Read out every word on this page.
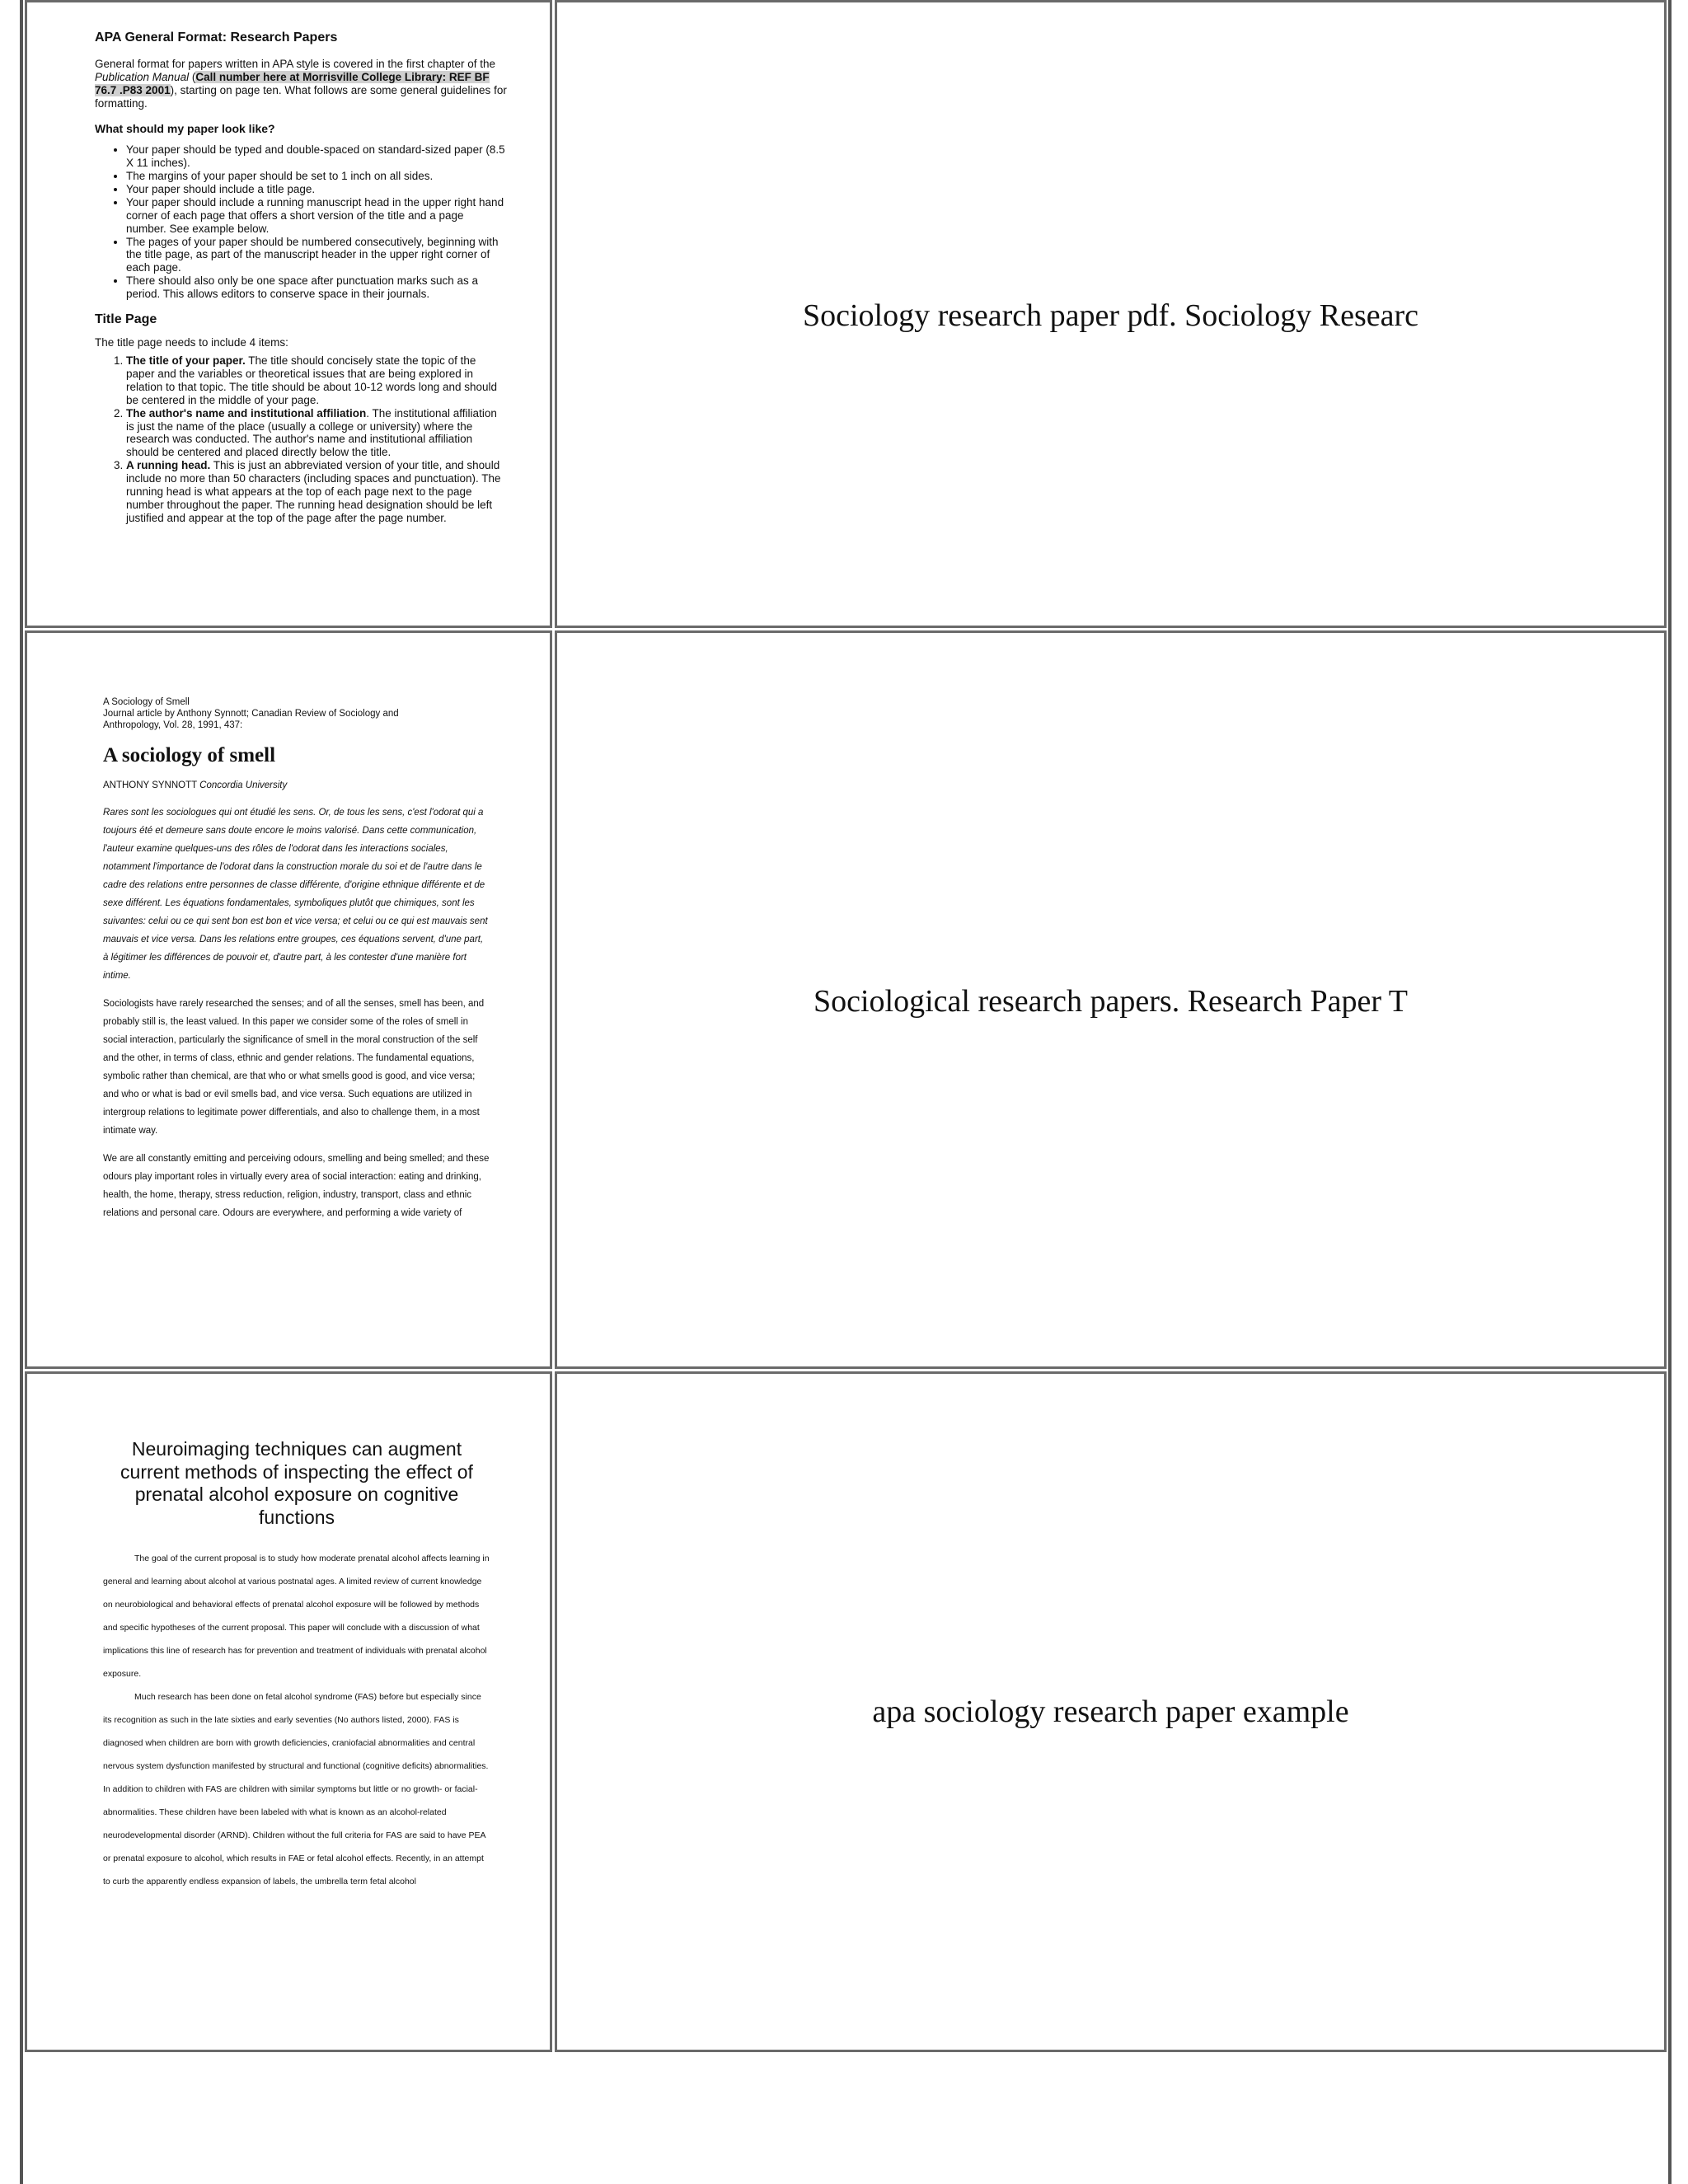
APA General Format: Research Papers

General format for papers written in APA style is covered in the first chapter of the Publication Manual (Call number here at Morrisville College Library: REF BF 76.7 .P83 2001), starting on page ten. What follows are some general guidelines for formatting.

What should my paper look like?
• Your paper should be typed and double-spaced on standard-sized paper (8.5 X 11 inches).
• The margins of your paper should be set to 1 inch on all sides.
• Your paper should include a title page.
• Your paper should include a running manuscript head in the upper right hand corner of each page that offers a short version of the title and a page number. See example below.
• The pages of your paper should be numbered consecutively, beginning with the title page, as part of the manuscript header in the upper right corner of each page.
• There should also only be one space after punctuation marks such as a period. This allows editors to conserve space in their journals.
Title Page

The title page needs to include 4 items:

1. The title of your paper. The title should concisely state the topic of the paper and the variables or theoretical issues that are being explored in relation to that topic. The title should be about 10-12 words long and should be centered in the middle of your page.
2. The author's name and institutional affiliation. The institutional affiliation is just the name of the place (usually a college or university) where the research was conducted. The author's name and institutional affiliation should be centered and placed directly below the title.
3. A running head. This is just an abbreviated version of your title, and should include no more than 50 characters (including spaces and punctuation). The running head is what appears at the top of each page next to the page number throughout the paper. The running head designation should be left justified and appear at the top of the page after the page number.
Sociology research paper pdf. Sociology Researc

A Sociology of Smell

Journal article by Anthony Synnott; Canadian Review of Sociology and

Anthropology, Vol. 28, 1991, 437:

A sociology of smell

ANTHONY SYNNOTT Concordia University

Rares sont les sociologues qui ont étudié les sens. Or, de tous les sens, c'est l'odorat qui a toujours été et demeure sans doute encore le moins valorisé. Dans cette communication, l'auteur examine quelques-uns des rôles de l'odorat dans les interactions sociales, notamment l'importance de l'odorat dans la construction morale du soi et de l'autre dans le cadre des relations entre personnes de classe différente, d'origine ethnique différente et de sexe différent. Les équations fondamentales, symboliques plutôt que chimiques, sont les suivantes: celui ou ce qui sent bon est bon et vice versa; et celui ou ce qui est mauvais sent mauvais et vice versa. Dans les relations entre groupes, ces équations servent, d'une part, à légitimer les différences de pouvoir et, d'autre part, à les contester d'une manière fort intime.

Sociologists have rarely researched the senses; and of all the senses, smell has been, and probably still is, the least valued. In this paper we consider some of the roles of smell in social interaction, particularly the significance of smell in the moral construction of the self and the other, in terms of class, ethnic and gender relations. The fundamental equations, symbolic rather than chemical, are that who or what smells good is good, and vice versa; and who or what is bad or evil smells bad, and vice versa. Such equations are utilized in intergroup relations to legitimate power differentials, and also to challenge them, in a most intimate way.

We are all constantly emitting and perceiving odours, smelling and being smelled; and these odours play important roles in virtually every area of social interaction: eating and drinking, health, the home, therapy, stress reduction, religion, industry, transport, class and ethnic relations and personal care. Odours are everywhere, and performing a wide variety of

Sociological research papers. Research Paper T
Neuroimaging techniques can augment current methods of inspecting the effect of prenatal alcohol exposure on cognitive functions

The goal of the current proposal is to study how moderate prenatal alcohol affects learning in general and learning about alcohol at various postnatal ages. A limited review of current knowledge on neurobiological and behavioral effects of prenatal alcohol exposure will be followed by methods and specific hypotheses of the current proposal. This paper will conclude with a discussion of what implications this line of research has for prevention and treatment of individuals with prenatal alcohol exposure.

Much research has been done on fetal alcohol syndrome (FAS) before but especially since its recognition as such in the late sixties and early seventies (No authors listed, 2000). FAS is diagnosed when children are born with growth deficiencies, craniofacial abnormalities and central nervous system dysfunction manifested by structural and functional (cognitive deficits) abnormalities. In addition to children with FAS are children with similar symptoms but little or no growth- or facial-abnormalities. These children have been labeled with what is known as an alcohol-related neurodevelopmental disorder (ARND). Children without the full criteria for FAS are said to have PEA or prenatal exposure to alcohol, which results in FAE or fetal alcohol effects. Recently, in an attempt to curb the apparently endless expansion of labels, the umbrella term fetal alcohol

apa sociology research paper example
